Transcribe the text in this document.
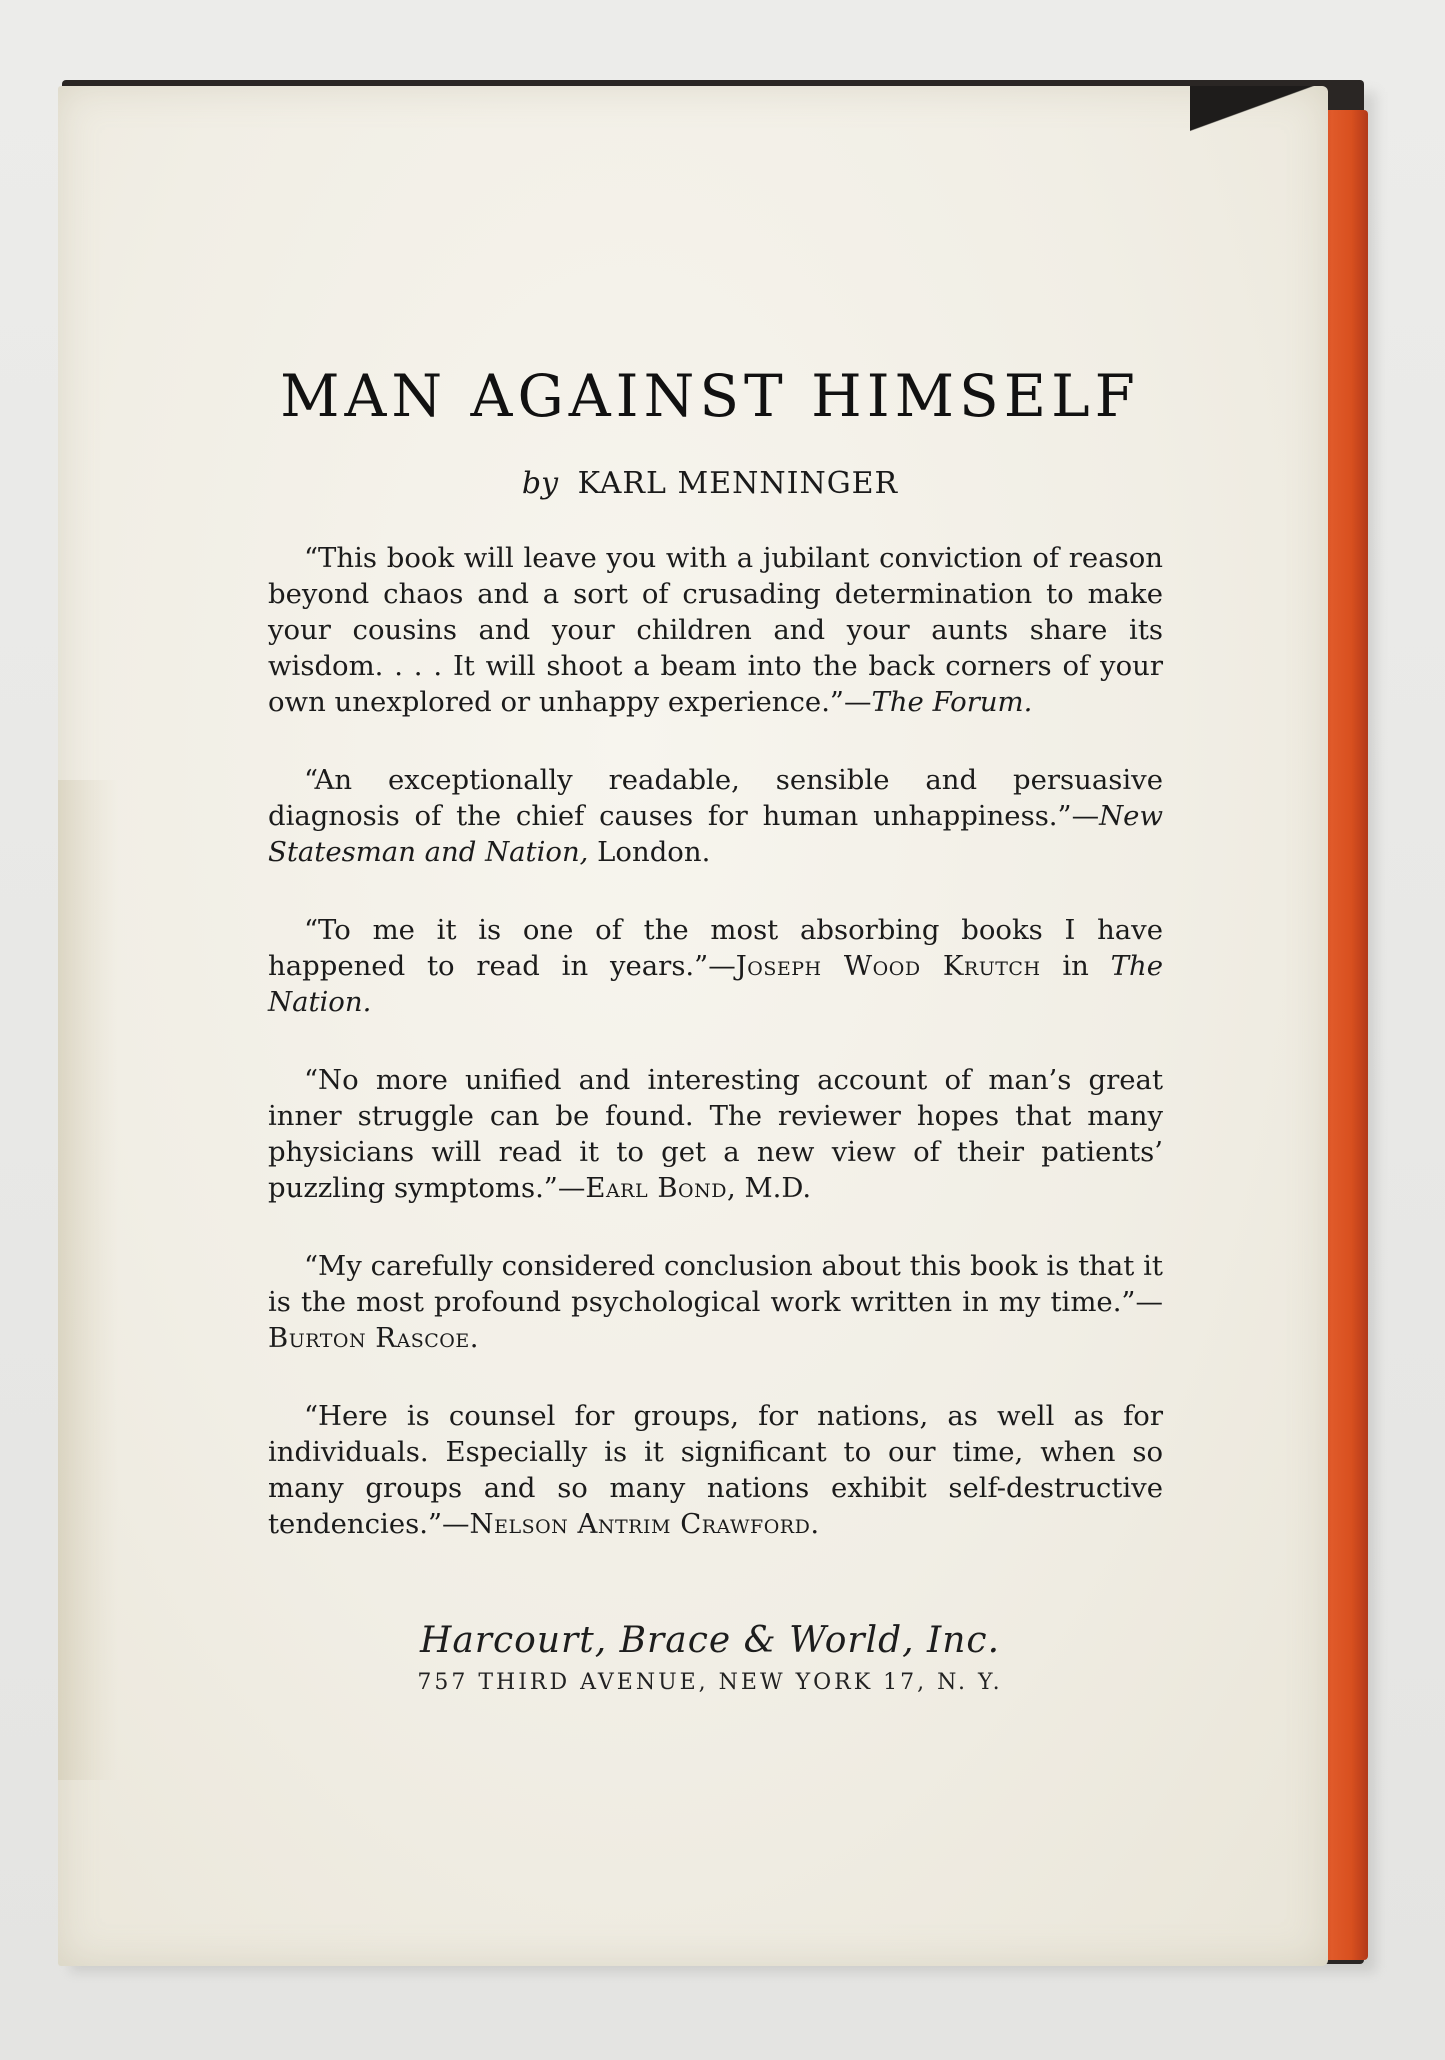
MAN AGAINST HIMSELF
by KARL MENNINGER

“This book will leave you with a jubilant conviction of reason beyond chaos and a sort of crusading determination to make your cousins and your children and your aunts share its wisdom. . . . It will shoot a beam into the back corners of your own unexplored or unhappy experience.”—The Forum.

“An exceptionally readable, sensible and persuasive diagnosis of the chief causes for human unhappiness.”—New Statesman and Nation, London.

“To me it is one of the most absorbing books I have happened to read in years.”—Joseph Wood Krutch in The Nation.

“No more unified and interesting account of man’s great inner struggle can be found. The reviewer hopes that many physicians will read it to get a new view of their patients’ puzzling symptoms.”—Earl Bond, M.D.

“My carefully considered conclusion about this book is that it is the most profound psychological work written in my time.”—Burton Rascoe.

“Here is counsel for groups, for nations, as well as for individuals. Especially is it significant to our time, when so many groups and so many nations exhibit self-destructive tendencies.”—Nelson Antrim Crawford.

Harcourt, Brace & World, Inc.
757 THIRD AVENUE, NEW YORK 17, N. Y.
